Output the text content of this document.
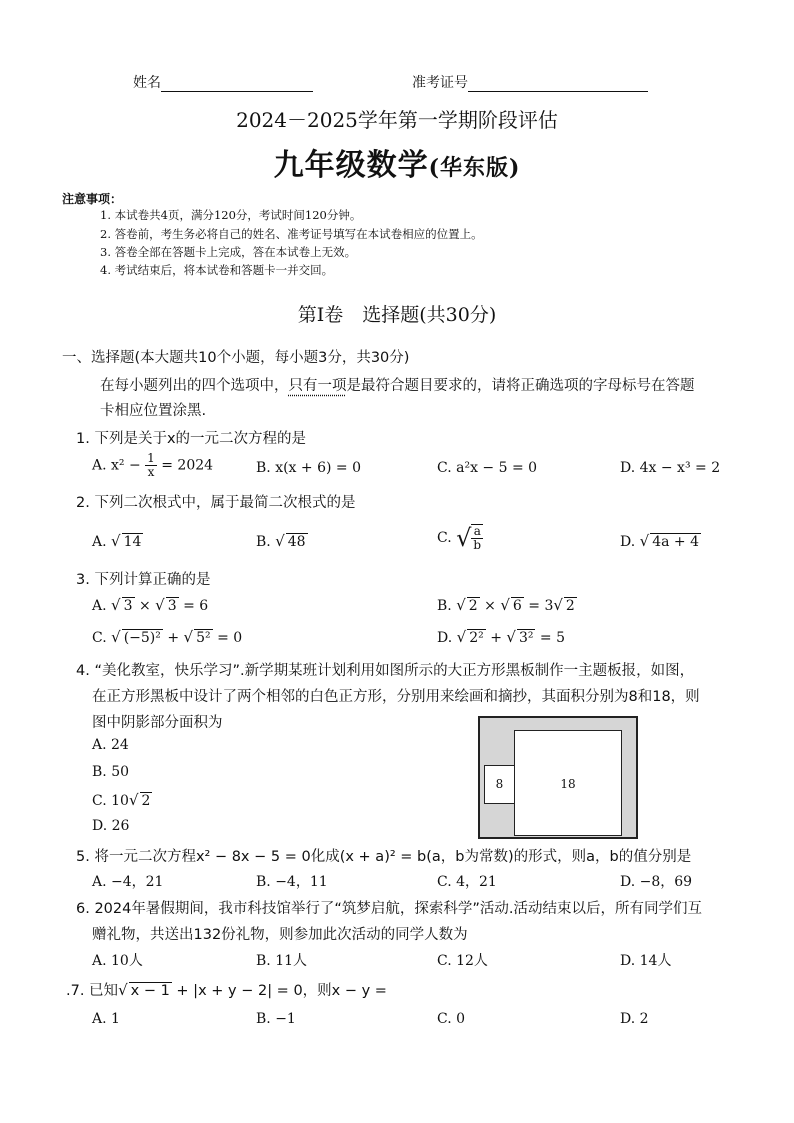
姓名	准考证号
2024－2025学年第一学期阶段评估
九年级数学(华东版)
注意事项：
1. 本试卷共4页，满分120分，考试时间120分钟。
2. 答卷前，考生务必将自己的姓名、准考证号填写在本试卷相应的位置上。
3. 答卷全部在答题卡上完成，答在本试卷上无效。
4. 考试结束后，将本试卷和答题卡一并交回。
第Ⅰ卷　选择题(共30分)
一、选择题(本大题共10个小题，每小题3分，共30分)
在每小题列出的四个选项中，只有一项是最符合题目要求的，请将正确选项的字母标号在答题
卡相应位置涂黑.
1. 下列是关于x的一元二次方程的是
A. $x^2 - \frac{1}{x} = 2024$	B. x(x + 6) = 0	C. a²x − 5 = 0	D. 4x − x³ = 2
2. 下列二次根式中，属于最简二次根式的是
A. √ 14	B. √ 48	C. √ $\frac{a}{b}$	D. √ 4a + 4
3. 下列计算正确的是
A. √ 3 × √ 3 = 6	B. √ 2 × √ 6 = 3√ 2
C. √ (−5)² + √ 5² = 0	D. √ 2² + √ 3² = 5
4. “美化教室，快乐学习”.新学期某班计划利用如图所示的大正方形黑板制作一主题板报，如图，
在正方形黑板中设计了两个相邻的白色正方形，分别用来绘画和摘抄，其面积分别为8和18，则
图中阴影部分面积为
A. 24
B. 50
C. 10√ 2
D. 26
18
8
5. 将一元二次方程x² − 8x − 5 = 0化成(x + a)² = b(a，b为常数)的形式，则a，b的值分别是
A. −4，21	B. −4，11	C. 4，21	D. −8，69
6. 2024年暑假期间，我市科技馆举行了“筑梦启航，探索科学”活动.活动结束以后，所有同学们互
赠礼物，共送出132份礼物，则参加此次活动的同学人数为
A. 10人	B. 11人	C. 12人	D. 14人
.7. 已知√ x − 1 + |x + y − 2| = 0，则x − y =
A. 1	B. −1	C. 0	D. 2
